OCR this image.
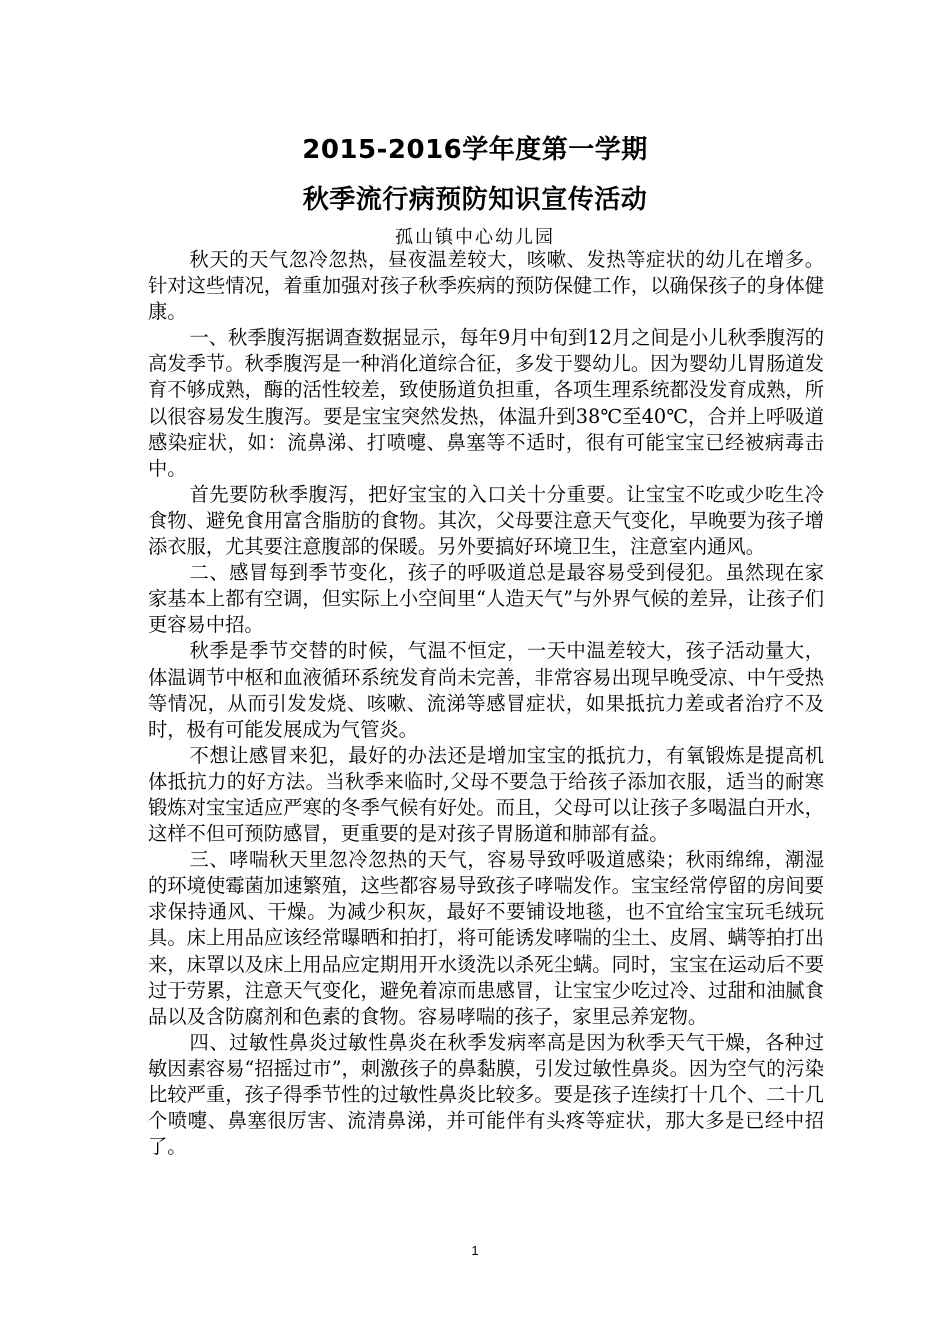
2015-2016学年度第一学期
秋季流行病预防知识宣传活动
孤山镇中心幼儿园

秋天的天气忽冷忽热，昼夜温差较大，咳嗽、发热等症状的幼儿在增多。针对这些情况，着重加强对孩子秋季疾病的预防保健工作，以确保孩子的身体健康。

一、秋季腹泻据调查数据显示，每年9月中旬到12月之间是小儿秋季腹泻的高发季节。秋季腹泻是一种消化道综合征，多发于婴幼儿。因为婴幼儿胃肠道发育不够成熟，酶的活性较差，致使肠道负担重，各项生理系统都没发育成熟，所以很容易发生腹泻。要是宝宝突然发热，体温升到38℃至40℃，合并上呼吸道感染症状，如：流鼻涕、打喷嚏、鼻塞等不适时，很有可能宝宝已经被病毒击中。

首先要防秋季腹泻，把好宝宝的入口关十分重要。让宝宝不吃或少吃生冷食物、避免食用富含脂肪的食物。其次，父母要注意天气变化，早晚要为孩子增添衣服，尤其要注意腹部的保暖。另外要搞好环境卫生，注意室内通风。

二、感冒每到季节变化，孩子的呼吸道总是最容易受到侵犯。虽然现在家家基本上都有空调，但实际上小空间里“人造天气”与外界气候的差异，让孩子们更容易中招。

秋季是季节交替的时候，气温不恒定，一天中温差较大，孩子活动量大，体温调节中枢和血液循环系统发育尚未完善，非常容易出现早晚受凉、中午受热等情况，从而引发发烧、咳嗽、流涕等感冒症状，如果抵抗力差或者治疗不及时，极有可能发展成为气管炎。

不想让感冒来犯，最好的办法还是增加宝宝的抵抗力，有氧锻炼是提高机体抵抗力的好方法。当秋季来临时,父母不要急于给孩子添加衣服，适当的耐寒锻炼对宝宝适应严寒的冬季气候有好处。而且，父母可以让孩子多喝温白开水，这样不但可预防感冒，更重要的是对孩子胃肠道和肺部有益。

三、哮喘秋天里忽冷忽热的天气，容易导致呼吸道感染；秋雨绵绵，潮湿的环境使霉菌加速繁殖，这些都容易导致孩子哮喘发作。宝宝经常停留的房间要求保持通风、干燥。为减少积灰，最好不要铺设地毯，也不宜给宝宝玩毛绒玩具。床上用品应该经常曝晒和拍打，将可能诱发哮喘的尘土、皮屑、螨等拍打出来，床罩以及床上用品应定期用开水烫洗以杀死尘螨。同时，宝宝在运动后不要过于劳累，注意天气变化，避免着凉而患感冒，让宝宝少吃过冷、过甜和油腻食品以及含防腐剂和色素的食物。容易哮喘的孩子，家里忌养宠物。

四、过敏性鼻炎过敏性鼻炎在秋季发病率高是因为秋季天气干燥，各种过敏因素容易“招摇过市”，刺激孩子的鼻黏膜，引发过敏性鼻炎。因为空气的污染比较严重，孩子得季节性的过敏性鼻炎比较多。要是孩子连续打十几个、二十几个喷嚏、鼻塞很厉害、流清鼻涕，并可能伴有头疼等症状，那大多是已经中招了。

1
